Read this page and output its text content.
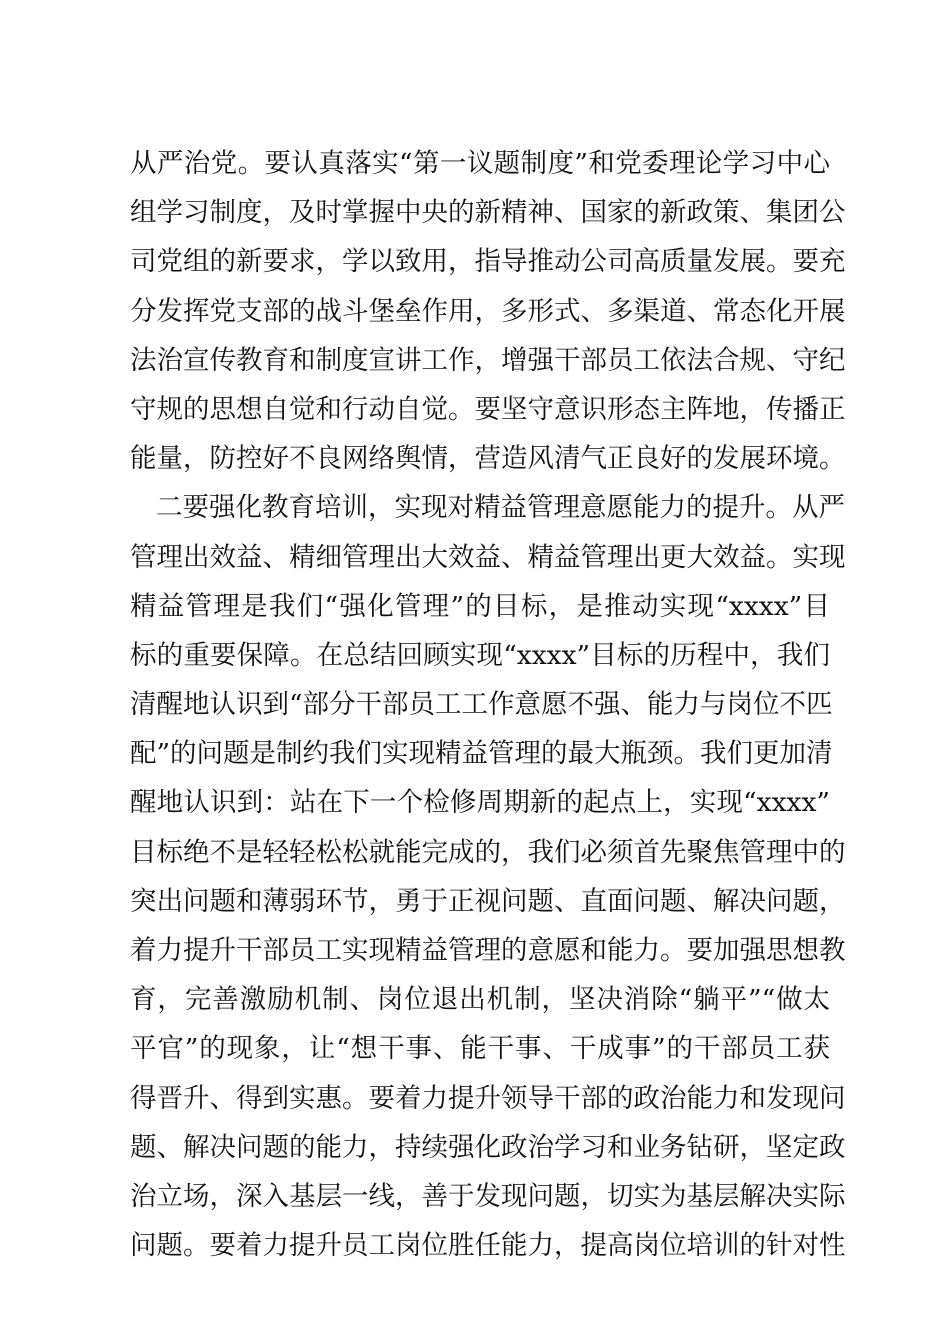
从严治党。要认真落实“第一议题制度”和党委理论学习中心
组学习制度，及时掌握中央的新精神、国家的新政策、集团公
司党组的新要求，学以致用，指导推动公司高质量发展。要充
分发挥党支部的战斗堡垒作用，多形式、多渠道、常态化开展
法治宣传教育和制度宣讲工作，增强干部员工依法合规、守纪
守规的思想自觉和行动自觉。要坚守意识形态主阵地，传播正
能量，防控好不良网络舆情，营造风清气正良好的发展环境。
二要强化教育培训，实现对精益管理意愿能力的提升。从严
管理出效益、精细管理出大效益、精益管理出更大效益。实现
精益管理是我们“强化管理”的目标，是推动实现“xxxx”目
标的重要保障。在总结回顾实现“xxxx”目标的历程中，我们
清醒地认识到“部分干部员工工作意愿不强、能力与岗位不匹
配”的问题是制约我们实现精益管理的最大瓶颈。我们更加清
醒地认识到：站在下一个检修周期新的起点上，实现“xxxx”
目标绝不是轻轻松松就能完成的，我们必须首先聚焦管理中的
突出问题和薄弱环节，勇于正视问题、直面问题、解决问题，
着力提升干部员工实现精益管理的意愿和能力。要加强思想教
育，完善激励机制、岗位退出机制，坚决消除“躺平”“做太
平官”的现象，让“想干事、能干事、干成事”的干部员工获
得晋升、得到实惠。要着力提升领导干部的政治能力和发现问
题、解决问题的能力，持续强化政治学习和业务钻研，坚定政
治立场，深入基层一线，善于发现问题，切实为基层解决实际
问题。要着力提升员工岗位胜任能力，提高岗位培训的针对性
